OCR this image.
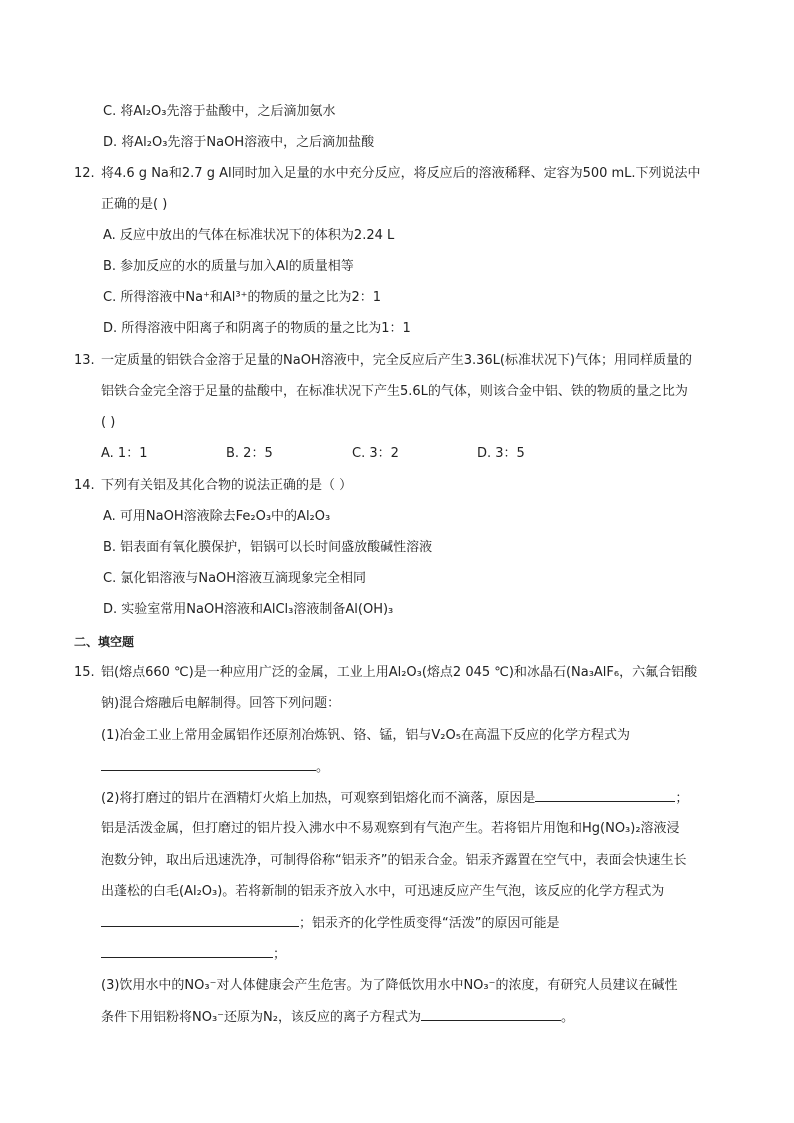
C. 将Al₂O₃先溶于盐酸中，之后滴加氨水
D. 将Al₂O₃先溶于NaOH溶液中，之后滴加盐酸
12. 将4.6 g Na和2.7 g Al同时加入足量的水中充分反应，将反应后的溶液稀释、定容为500 mL.下列说法中
正确的是( )
A. 反应中放出的气体在标准状况下的体积为2.24 L
B. 参加反应的水的质量与加入Al的质量相等
C. 所得溶液中Na⁺和Al³⁺的物质的量之比为2：1
D. 所得溶液中阳离子和阴离子的物质的量之比为1：1
13. 一定质量的铝铁合金溶于足量的NaOH溶液中，完全反应后产生3.36L(标准状况下)气体；用同样质量的
铝铁合金完全溶于足量的盐酸中，在标准状况下产生5.6L的气体，则该合金中铝、铁的物质的量之比为
( )
A. 1：1	B. 2：5	C. 3：2	D. 3：5
14. 下列有关铝及其化合物的说法正确的是（ ）
A. 可用NaOH溶液除去Fe₂O₃中的Al₂O₃
B. 铝表面有氧化膜保护，铝锅可以长时间盛放酸碱性溶液
C. 氯化铝溶液与NaOH溶液互滴现象完全相同
D. 实验室常用NaOH溶液和AlCl₃溶液制备Al(OH)₃
二、填空题
15. 铝(熔点660 ℃)是一种应用广泛的金属，工业上用Al₂O₃(熔点2 045 ℃)和冰晶石(Na₃AlF₆，六氟合铝酸
钠)混合熔融后电解制得。回答下列问题：
(1)冶金工业上常用金属铝作还原剂冶炼钒、铬、锰，铝与V₂O₅在高温下反应的化学方程式为
。
(2)将打磨过的铝片在酒精灯火焰上加热，可观察到铝熔化而不滴落，原因是	；
铝是活泼金属，但打磨过的铝片投入沸水中不易观察到有气泡产生。若将铝片用饱和Hg(NO₃)₂溶液浸
泡数分钟，取出后迅速洗净，可制得俗称“铝汞齐”的铝汞合金。铝汞齐露置在空气中，表面会快速生长
出蓬松的白毛(Al₂O₃)。若将新制的铝汞齐放入水中，可迅速反应产生气泡，该反应的化学方程式为
；铝汞齐的化学性质变得“活泼”的原因可能是
；
(3)饮用水中的NO₃⁻对人体健康会产生危害。为了降低饮用水中NO₃⁻的浓度，有研究人员建议在碱性
条件下用铝粉将NO₃⁻还原为N₂，该反应的离子方程式为	。
